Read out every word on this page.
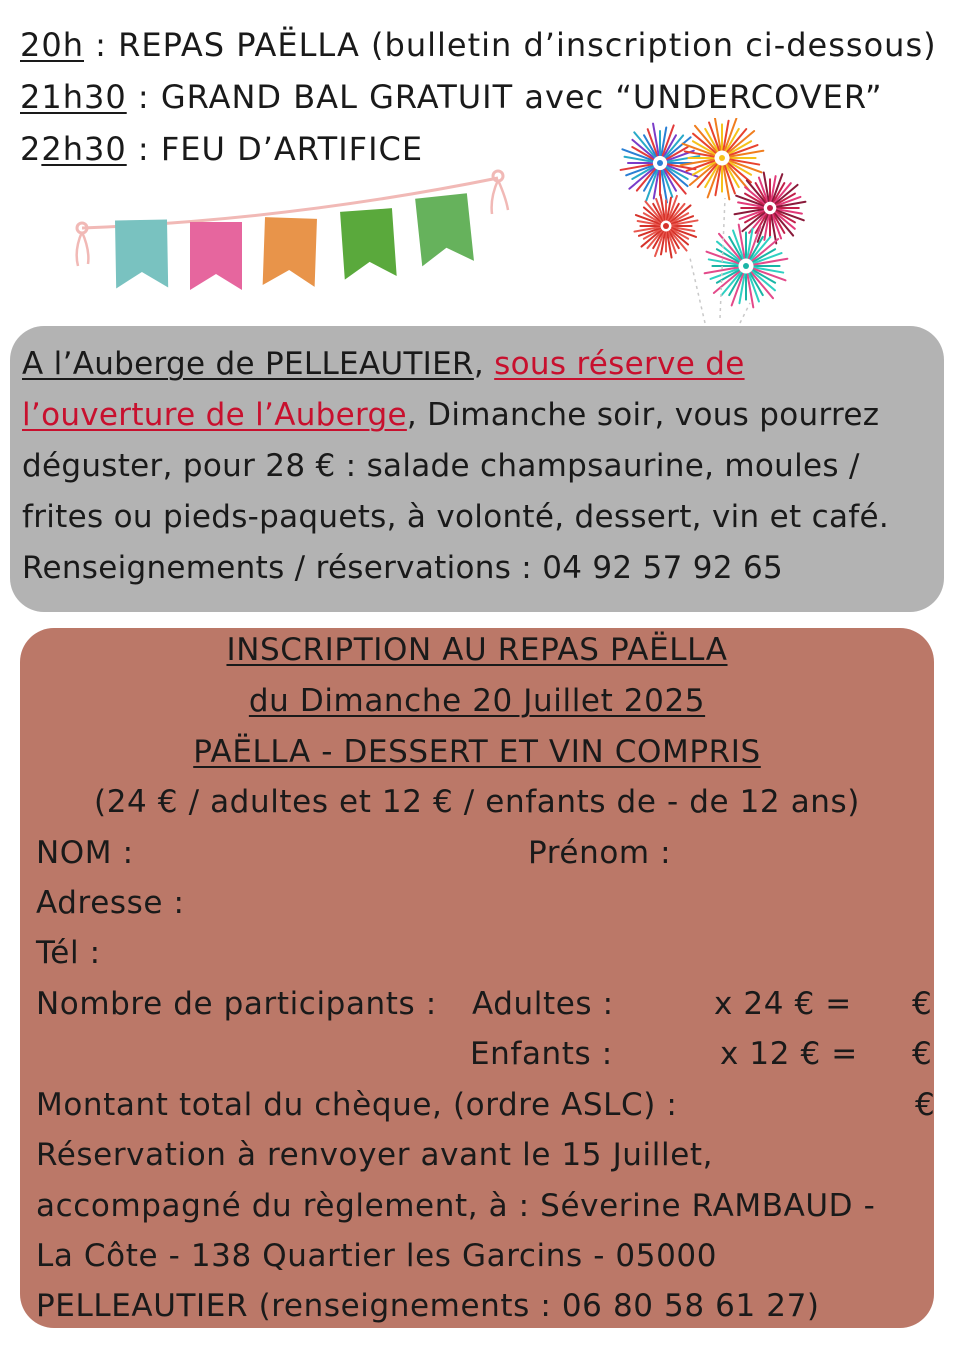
20h : REPAS PAËLLA (bulletin d’inscription ci-dessous)
21h30 : GRAND BAL GRATUIT avec “UNDERCOVER”
22h30 : FEU D’ARTIFICE
A l’Auberge de PELLEAUTIER, sous réserve de
l’ouverture de l’Auberge, Dimanche soir, vous pourrez
déguster, pour 28 € : salade champsaurine, moules /
frites ou pieds-paquets, à volonté, dessert, vin et café.
Renseignements / réservations : 04 92 57 92 65
INSCRIPTION AU REPAS PAËLLA
du Dimanche 20 Juillet 2025
PAËLLA - DESSERT ET VIN COMPRIS
(24 € / adultes et 12 € / enfants de - de 12 ans)
NOM :	Prénom :
Adresse :
Tél :
Nombre de participants : Adultes :	x 24 € = €
Enfants :	x 12 € = €
Montant total du chèque, (ordre ASLC) :	€
Réservation à renvoyer avant le 15 Juillet,
accompagné du règlement, à : Séverine RAMBAUD -
La Côte - 138 Quartier les Garcins - 05000
PELLEAUTIER (renseignements : 06 80 58 61 27)
